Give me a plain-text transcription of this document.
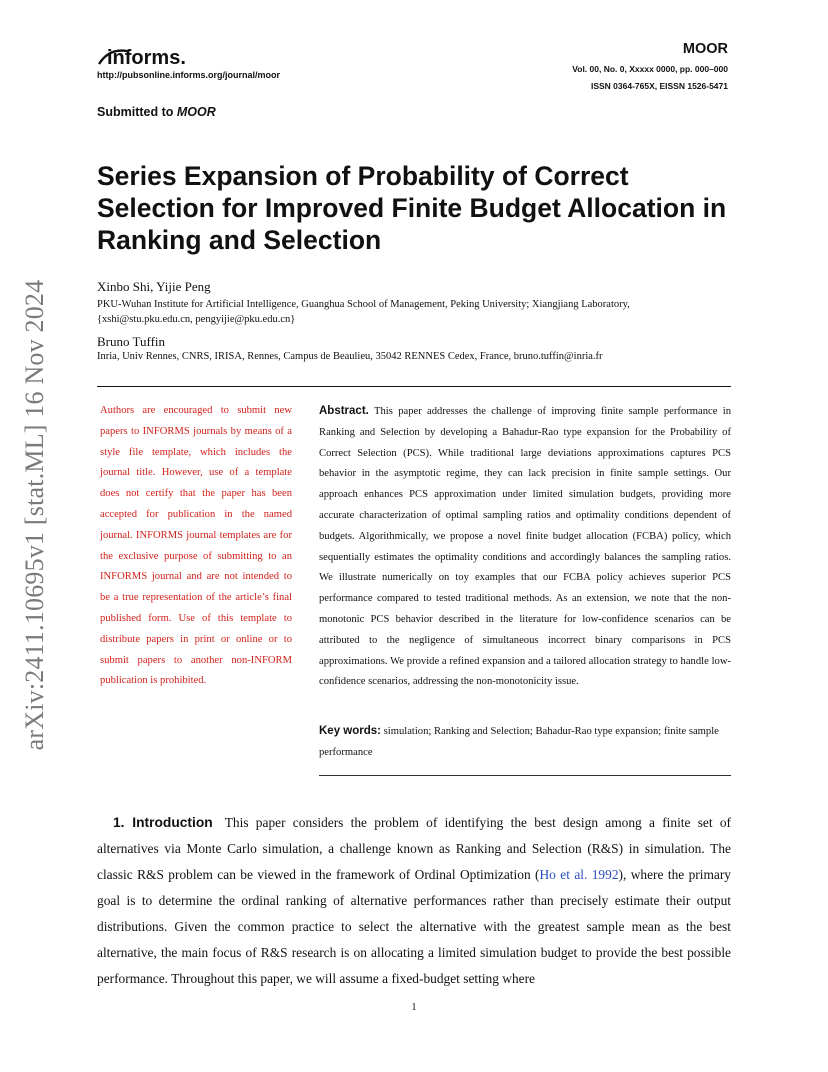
arXiv:2411.10695v1 [stat.ML] 16 Nov 2024
informs.
http://pubsonline.informs.org/journal/moor
MOOR
Vol. 00, No. 0, Xxxxx 0000, pp. 000–000
ISSN 0364-765X, EISSN 1526-5471
Submitted to MOOR
Series Expansion of Probability of Correct Selection for Improved Finite Budget Allocation in Ranking and Selection
Xinbo Shi, Yijie Peng
PKU-Wuhan Institute for Artificial Intelligence, Guanghua School of Management, Peking University; Xiangjiang Laboratory,
{xshi@stu.pku.edu.cn, pengyijie@pku.edu.cn}
Bruno Tuffin
Inria, Univ Rennes, CNRS, IRISA, Rennes, Campus de Beaulieu, 35042 RENNES Cedex, France, bruno.tuffin@inria.fr
Authors are encouraged to submit new papers to INFORMS journals by means of a style file template, which includes the journal title. However, use of a template does not certify that the paper has been accepted for publication in the named journal. INFORMS journal templates are for the exclusive purpose of submitting to an INFORMS journal and are not intended to be a true representation of the article’s final published form. Use of this template to distribute papers in print or online or to submit papers to another non-INFORM publication is prohibited.
Abstract. This paper addresses the challenge of improving finite sample performance in Ranking and Selection by developing a Bahadur-Rao type expansion for the Probability of Correct Selection (PCS). While traditional large deviations approximations captures PCS behavior in the asymptotic regime, they can lack precision in finite sample settings. Our approach enhances PCS approximation under limited simulation budgets, providing more accurate characterization of optimal sampling ratios and optimality conditions dependent of budgets. Algorithmically, we propose a novel finite budget allocation (FCBA) policy, which sequentially estimates the optimality conditions and accordingly balances the sampling ratios. We illustrate numerically on toy examples that our FCBA policy achieves superior PCS performance compared to tested traditional methods. As an extension, we note that the non-monotonic PCS behavior described in the literature for low-confidence scenarios can be attributed to the negligence of simultaneous incorrect binary comparisons in PCS approximations. We provide a refined expansion and a tailored allocation strategy to handle low-confidence scenarios, addressing the non-monotonicity issue.
Key words: simulation; Ranking and Selection; Bahadur-Rao type expansion; finite sample performance
1. Introduction This paper considers the problem of identifying the best design among a finite set of alternatives via Monte Carlo simulation, a challenge known as Ranking and Selection (R&S) in simulation. The classic R&S problem can be viewed in the framework of Ordinal Optimization (Ho et al. 1992), where the primary goal is to determine the ordinal ranking of alternative performances rather than precisely estimate their output distributions. Given the common practice to select the alternative with the greatest sample mean as the best alternative, the main focus of R&S research is on allocating a limited simulation budget to provide the best possible performance. Throughout this paper, we will assume a fixed-budget setting where
1
